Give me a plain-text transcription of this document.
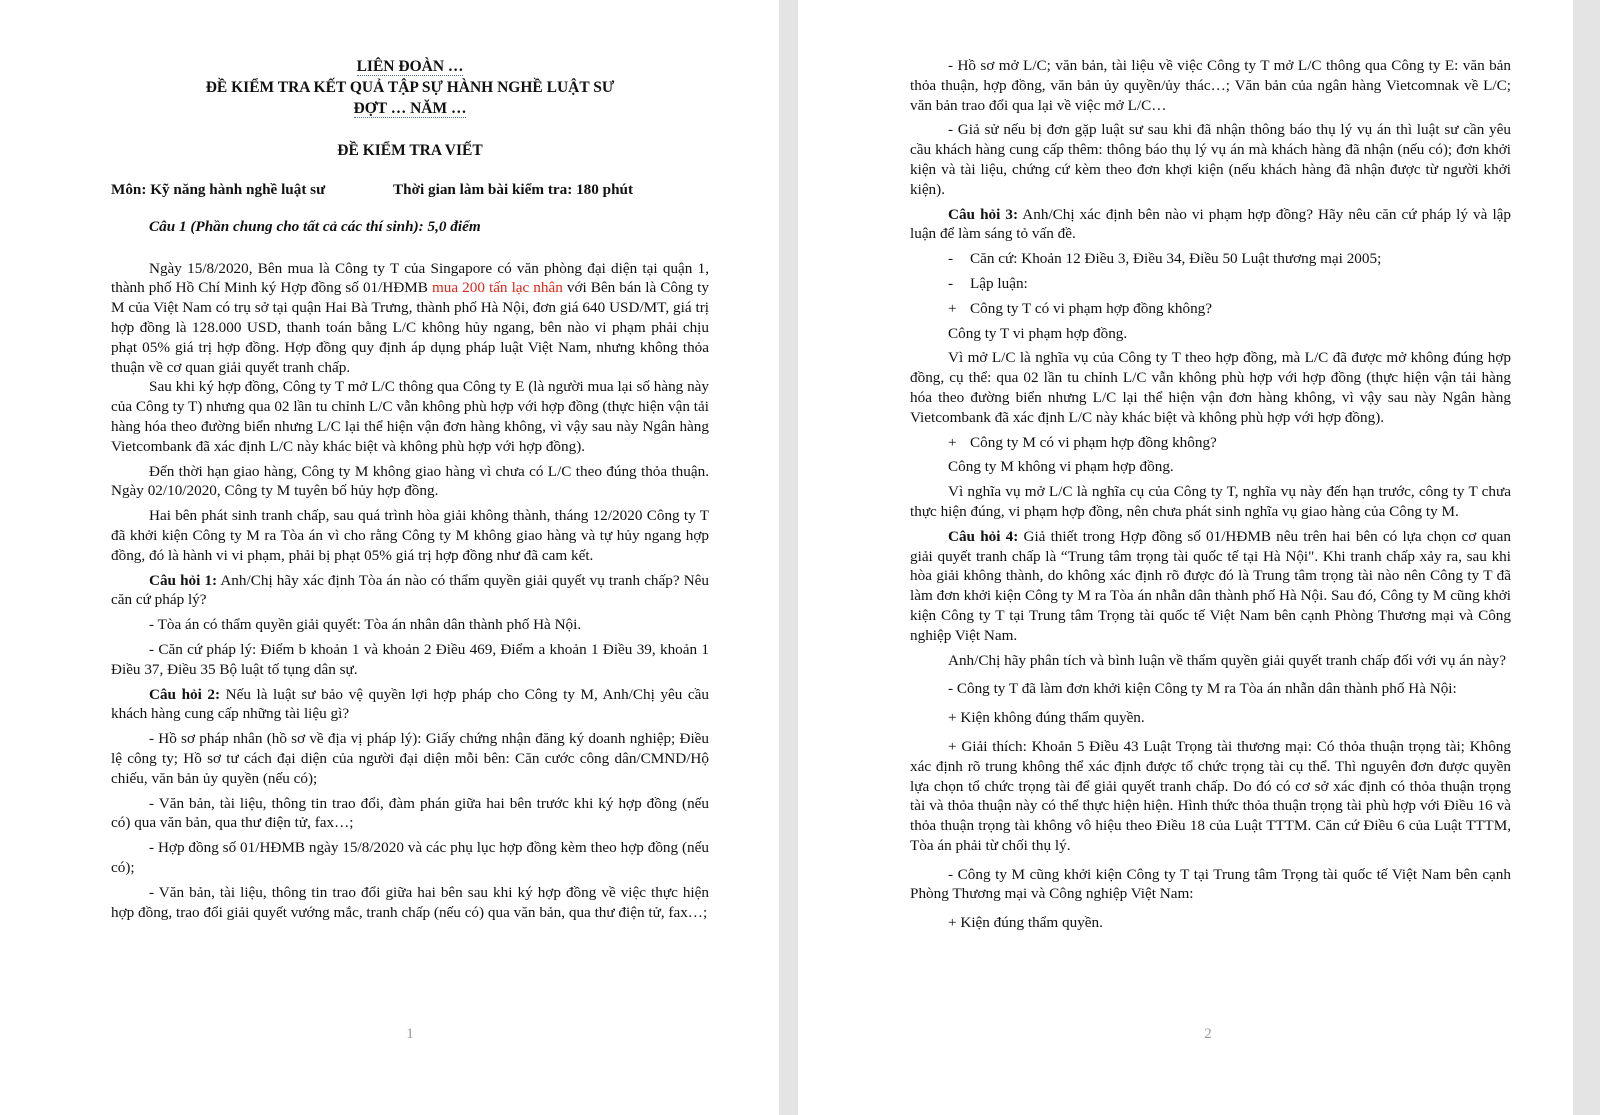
LIÊN ĐOÀN …

ĐỀ KIỂM TRA KẾT QUẢ TẬP SỰ HÀNH NGHỀ LUẬT SƯ

ĐỢT … NĂM …

ĐỀ KIỂM TRA VIẾT

Môn: Kỹ năng hành nghề luật sư	Thời gian làm bài kiểm tra: 180 phút

Câu 1 (Phần chung cho tất cả các thí sinh): 5,0 điểm

Ngày 15/8/2020, Bên mua là Công ty T của Singapore có văn phòng đại diện tại quận 1, thành phố Hồ Chí Minh ký Hợp đồng số 01/HĐMB mua 200 tấn lạc nhân với Bên bán là Công ty M của Việt Nam có trụ sở tại quận Hai Bà Trưng, thành phố Hà Nội, đơn giá 640 USD/MT, giá trị hợp đồng là 128.000 USD, thanh toán bằng L/C không hủy ngang, bên nào vi phạm phải chịu phạt 05% giá trị hợp đồng. Hợp đồng quy định áp dụng pháp luật Việt Nam, nhưng không thỏa thuận về cơ quan giải quyết tranh chấp.

Sau khi ký hợp đồng, Công ty T mở L/C thông qua Công ty E (là người mua lại số hàng này của Công ty T) nhưng qua 02 lần tu chỉnh L/C vẫn không phù hợp với hợp đồng (thực hiện vận tải hàng hóa theo đường biển nhưng L/C lại thể hiện vận đơn hàng không, vì vậy sau này Ngân hàng Vietcombank đã xác định L/C này khác biệt và không phù hợp với hợp đồng).

Đến thời hạn giao hàng, Công ty M không giao hàng vì chưa có L/C theo đúng thỏa thuận. Ngày 02/10/2020, Công ty M tuyên bố hủy hợp đồng.

Hai bên phát sinh tranh chấp, sau quá trình hòa giải không thành, tháng 12/2020 Công ty T đã khởi kiện Công ty M ra Tòa án vì cho rằng Công ty M không giao hàng và tự hủy ngang hợp đồng, đó là hành vi vi phạm, phải bị phạt 05% giá trị hợp đồng như đã cam kết.

Câu hỏi 1: Anh/Chị hãy xác định Tòa án nào có thẩm quyền giải quyết vụ tranh chấp? Nêu căn cứ pháp lý?

- Tòa án có thẩm quyền giải quyết: Tòa án nhân dân thành phố Hà Nội.

- Căn cứ pháp lý: Điểm b khoản 1 và khoản 2 Điều 469, Điểm a khoản 1 Điều 39, khoản 1 Điều 37, Điều 35 Bộ luật tố tụng dân sự.

Câu hỏi 2: Nếu là luật sư bảo vệ quyền lợi hợp pháp cho Công ty M, Anh/Chị yêu cầu khách hàng cung cấp những tài liệu gì?

- Hồ sơ pháp nhân (hồ sơ về địa vị pháp lý): Giấy chứng nhận đăng ký doanh nghiệp; Điều lệ công ty; Hồ sơ tư cách đại diện của người đại diện mỗi bên: Căn cước công dân/CMND/Hộ chiếu, văn bản ủy quyền (nếu có);

- Văn bản, tài liệu, thông tin trao đổi, đàm phán giữa hai bên trước khi ký hợp đồng (nếu có) qua văn bản, qua thư điện tử, fax…;

- Hợp đồng số 01/HĐMB ngày 15/8/2020 và các phụ lục hợp đồng kèm theo hợp đồng (nếu có);

- Văn bản, tài liệu, thông tin trao đổi giữa hai bên sau khi ký hợp đồng về việc thực hiện hợp đồng, trao đổi giải quyết vướng mắc, tranh chấp (nếu có) qua văn bản, qua thư điện tử, fax…;

1

- Hồ sơ mở L/C; văn bản, tài liệu về việc Công ty T mở L/C thông qua Công ty E: văn bản thỏa thuận, hợp đồng, văn bản ủy quyền/ủy thác…; Văn bản của ngân hàng Vietcomnak về L/C; văn bản trao đổi qua lại về việc mở L/C…

- Giả sử nếu bị đơn gặp luật sư sau khi đã nhận thông báo thụ lý vụ án thì luật sư cần yêu cầu khách hàng cung cấp thêm: thông báo thụ lý vụ án mà khách hàng đã nhận (nếu có); đơn khởi kiện và tài liệu, chứng cứ kèm theo đơn khợi kiện (nếu khách hàng đã nhận được từ người khởi kiện).

Câu hỏi 3: Anh/Chị xác định bên nào vi phạm hợp đồng? Hãy nêu căn cứ pháp lý và lập luận để làm sáng tỏ vấn đề.

- Căn cứ: Khoản 12 Điều 3, Điều 34, Điều 50 Luật thương mại 2005;

- Lập luận:

+ Công ty T có vi phạm hợp đồng không?

Công ty T vi phạm hợp đồng.

Vì mở L/C là nghĩa vụ của Công ty T theo hợp đồng, mà L/C đã được mở không đúng hợp đồng, cụ thể: qua 02 lần tu chỉnh L/C vẫn không phù hợp với hợp đồng (thực hiện vận tải hàng hóa theo đường biển nhưng L/C lại thể hiện vận đơn hàng không, vì vậy sau này Ngân hàng Vietcombank đã xác định L/C này khác biệt và không phù hợp với hợp đồng).

+ Công ty M có vi phạm hợp đồng không?

Công ty M không vi phạm hợp đồng.

Vì nghĩa vụ mở L/C là nghĩa cụ của Công ty T, nghĩa vụ này đến hạn trước, công ty T chưa thực hiện đúng, vi phạm hợp đồng, nên chưa phát sinh nghĩa vụ giao hàng của Công ty M.

Câu hỏi 4: Giả thiết trong Hợp đồng số 01/HĐMB nêu trên hai bên có lựa chọn cơ quan giải quyết tranh chấp là “Trung tâm trọng tài quốc tế tại Hà Nội". Khi tranh chấp xảy ra, sau khi hòa giải không thành, do không xác định rõ được đó là Trung tâm trọng tài nào nên Công ty T đã làm đơn khởi kiện Công ty M ra Tòa án nhẫn dân thành phố Hà Nội. Sau đó, Công ty M cũng khởi kiện Công ty T tại Trung tâm Trọng tài quốc tế Việt Nam bên cạnh Phòng Thương mại và Công nghiệp Việt Nam.

Anh/Chị hãy phân tích và bình luận về thẩm quyền giải quyết tranh chấp đối với vụ án này?

- Công ty T đã làm đơn khởi kiện Công ty M ra Tòa án nhẫn dân thành phố Hà Nội:

+ Kiện không đúng thẩm quyền.

+ Giải thích: Khoản 5 Điều 43 Luật Trọng tài thương mại: Có thỏa thuận trọng tài; Không xác định rõ trung không thể xác định được tổ chức trọng tài cụ thể. Thì nguyên đơn được quyền lựa chọn tổ chức trọng tài để giải quyết tranh chấp. Do đó có cơ sở xác định có thỏa thuận trọng tài và thỏa thuận này có thể thực hiện hiện. Hình thức thỏa thuận trọng tài phù hợp với Điều 16 và thỏa thuận trọng tài không vô hiệu theo Điều 18 của Luật TTTM. Căn cứ Điều 6 của Luật TTTM, Tòa án phải từ chối thụ lý.

- Công ty M cũng khởi kiện Công ty T tại Trung tâm Trọng tài quốc tế Việt Nam bên cạnh Phòng Thương mại và Công nghiệp Việt Nam:

+ Kiện đúng thẩm quyền.

2
